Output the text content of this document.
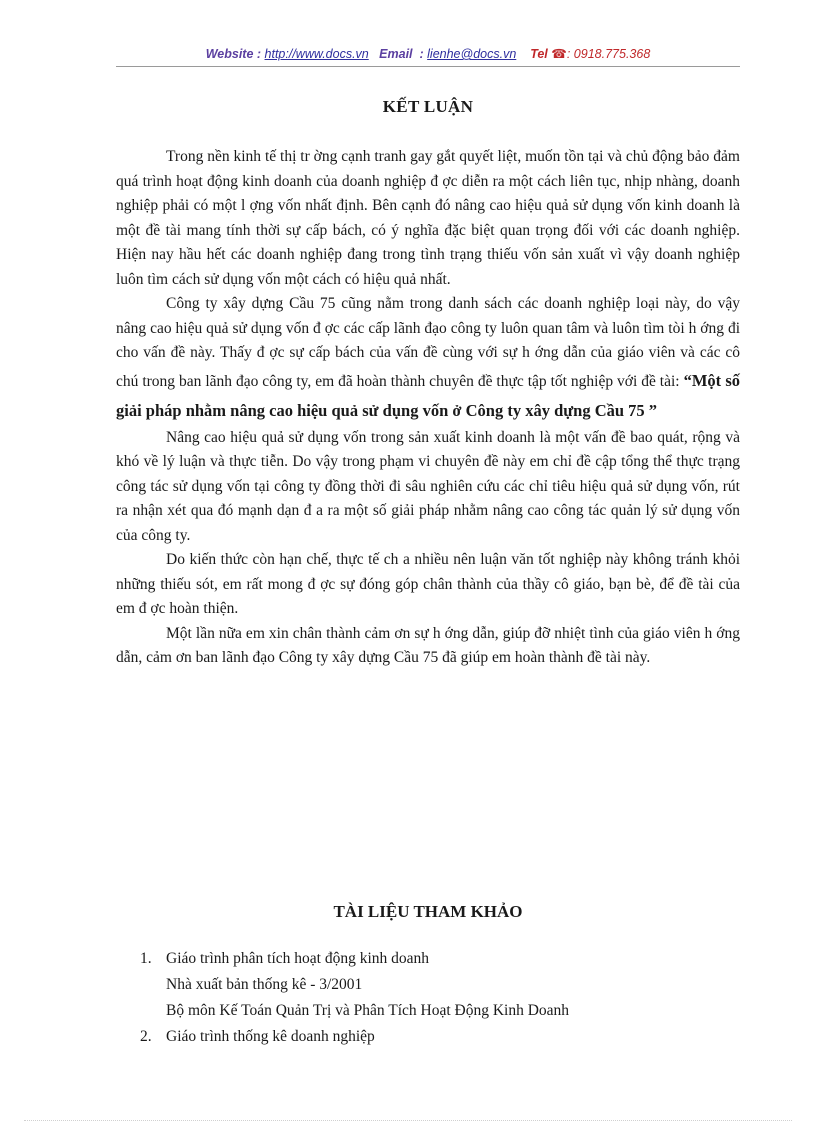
Website : http://www.docs.vn Email : lienhe@docs.vn Tel ☎: 0918.775.368
KẾT LUẬN

Trong nền kinh tế thị tr ờng cạnh tranh gay gắt quyết liệt, muốn tồn tại và chủ động bảo đảm quá trình hoạt động kinh doanh của doanh nghiệp đ ợc diễn ra một cách liên tục, nhịp nhàng, doanh nghiệp phải có một l ợng vốn nhất định. Bên cạnh đó nâng cao hiệu quả sử dụng vốn kinh doanh là một đề tài mang tính thời sự cấp bách, có ý nghĩa đặc biệt quan trọng đối với các doanh nghiệp. Hiện nay hầu hết các doanh nghiệp đang trong tình trạng thiếu vốn sản xuất vì vậy doanh nghiệp luôn tìm cách sử dụng vốn một cách có hiệu quả nhất.

Công ty xây dựng Cầu 75 cũng nằm trong danh sách các doanh nghiệp loại này, do vậy nâng cao hiệu quả sử dụng vốn đ ợc các cấp lãnh đạo công ty luôn quan tâm và luôn tìm tòi h ớng đi cho vấn đề này. Thấy đ ợc sự cấp bách của vấn đề cùng với sự h ớng dẫn của giáo viên và các cô chú trong ban lãnh đạo công ty, em đã hoàn thành chuyên đề thực tập tốt nghiệp với đề tài: “Một số giải pháp nhằm nâng cao hiệu quả sử dụng vốn ở Công ty xây dựng Cầu 75 ”

Nâng cao hiệu quả sử dụng vốn trong sản xuất kinh doanh là một vấn đề bao quát, rộng và khó về lý luận và thực tiễn. Do vậy trong phạm vi chuyên đề này em chỉ đề cập tổng thể thực trạng công tác sử dụng vốn tại công ty đồng thời đi sâu nghiên cứu các chỉ tiêu hiệu quả sử dụng vốn, rút ra nhận xét qua đó mạnh dạn đ a ra một số giải pháp nhằm nâng cao công tác quản lý sử dụng vốn của công ty.

Do kiến thức còn hạn chế, thực tế ch a nhiều nên luận văn tốt nghiệp này không tránh khỏi những thiếu sót, em rất mong đ ợc sự đóng góp chân thành của thầy cô giáo, bạn bè, để đề tài của em đ ợc hoàn thiện.

Một lần nữa em xin chân thành cảm ơn sự h ớng dẫn, giúp đỡ nhiệt tình của giáo viên h ớng dẫn, cảm ơn ban lãnh đạo Công ty xây dựng Cầu 75 đã giúp em hoàn thành đề tài này.

TÀI LIỆU THAM KHẢO
1. Giáo trình phân tích hoạt động kinh doanh
Nhà xuất bản thống kê - 3/2001
Bộ môn Kế Toán Quản Trị và Phân Tích Hoạt Động Kinh Doanh
2. Giáo trình thống kê doanh nghiệp
